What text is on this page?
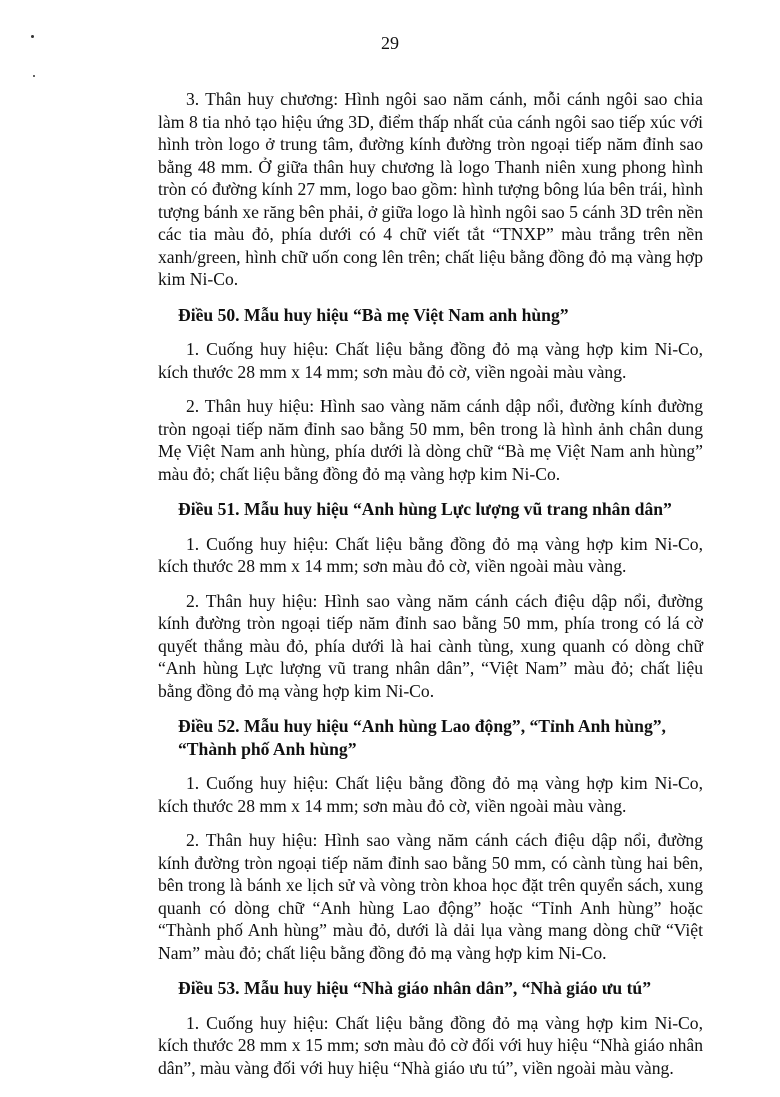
29

3. Thân huy chương: Hình ngôi sao năm cánh, mỗi cánh ngôi sao chia làm 8 tia nhỏ tạo hiệu ứng 3D, điểm thấp nhất của cánh ngôi sao tiếp xúc với hình tròn logo ở trung tâm, đường kính đường tròn ngoại tiếp năm đỉnh sao bằng 48 mm. Ở giữa thân huy chương là logo Thanh niên xung phong hình tròn có đường kính 27 mm, logo bao gồm: hình tượng bông lúa bên trái, hình tượng bánh xe răng bên phải, ở giữa logo là hình ngôi sao 5 cánh 3D trên nền các tia màu đỏ, phía dưới có 4 chữ viết tắt “TNXP” màu trắng trên nền xanh/green, hình chữ uốn cong lên trên; chất liệu bằng đồng đỏ mạ vàng hợp kim Ni-Co.

Điều 50. Mẫu huy hiệu “Bà mẹ Việt Nam anh hùng”

1. Cuống huy hiệu: Chất liệu bằng đồng đỏ mạ vàng hợp kim Ni-Co, kích thước 28 mm x 14 mm; sơn màu đỏ cờ, viền ngoài màu vàng.

2. Thân huy hiệu: Hình sao vàng năm cánh dập nổi, đường kính đường tròn ngoại tiếp năm đỉnh sao bằng 50 mm, bên trong là hình ảnh chân dung Mẹ Việt Nam anh hùng, phía dưới là dòng chữ “Bà mẹ Việt Nam anh hùng” màu đỏ; chất liệu bằng đồng đỏ mạ vàng hợp kim Ni-Co.

Điều 51. Mẫu huy hiệu “Anh hùng Lực lượng vũ trang nhân dân”

1. Cuống huy hiệu: Chất liệu bằng đồng đỏ mạ vàng hợp kim Ni-Co, kích thước 28 mm x 14 mm; sơn màu đỏ cờ, viền ngoài màu vàng.

2. Thân huy hiệu: Hình sao vàng năm cánh cách điệu dập nổi, đường kính đường tròn ngoại tiếp năm đỉnh sao bằng 50 mm, phía trong có lá cờ quyết thắng màu đỏ, phía dưới là hai cành tùng, xung quanh có dòng chữ “Anh hùng Lực lượng vũ trang nhân dân”, “Việt Nam” màu đỏ; chất liệu bằng đồng đỏ mạ vàng hợp kim Ni-Co.

Điều 52. Mẫu huy hiệu “Anh hùng Lao động”, “Tỉnh Anh hùng”, “Thành phố Anh hùng”

1. Cuống huy hiệu: Chất liệu bằng đồng đỏ mạ vàng hợp kim Ni-Co, kích thước 28 mm x 14 mm; sơn màu đỏ cờ, viền ngoài màu vàng.

2. Thân huy hiệu: Hình sao vàng năm cánh cách điệu dập nổi, đường kính đường tròn ngoại tiếp năm đỉnh sao bằng 50 mm, có cành tùng hai bên, bên trong là bánh xe lịch sử và vòng tròn khoa học đặt trên quyển sách, xung quanh có dòng chữ “Anh hùng Lao động” hoặc “Tỉnh Anh hùng” hoặc “Thành phố Anh hùng” màu đỏ, dưới là dải lụa vàng mang dòng chữ “Việt Nam” màu đỏ; chất liệu bằng đồng đỏ mạ vàng hợp kim Ni-Co.

Điều 53. Mẫu huy hiệu “Nhà giáo nhân dân”, “Nhà giáo ưu tú”

1. Cuống huy hiệu: Chất liệu bằng đồng đỏ mạ vàng hợp kim Ni-Co, kích thước 28 mm x 15 mm; sơn màu đỏ cờ đối với huy hiệu “Nhà giáo nhân dân”, màu vàng đối với huy hiệu “Nhà giáo ưu tú”, viền ngoài màu vàng.
